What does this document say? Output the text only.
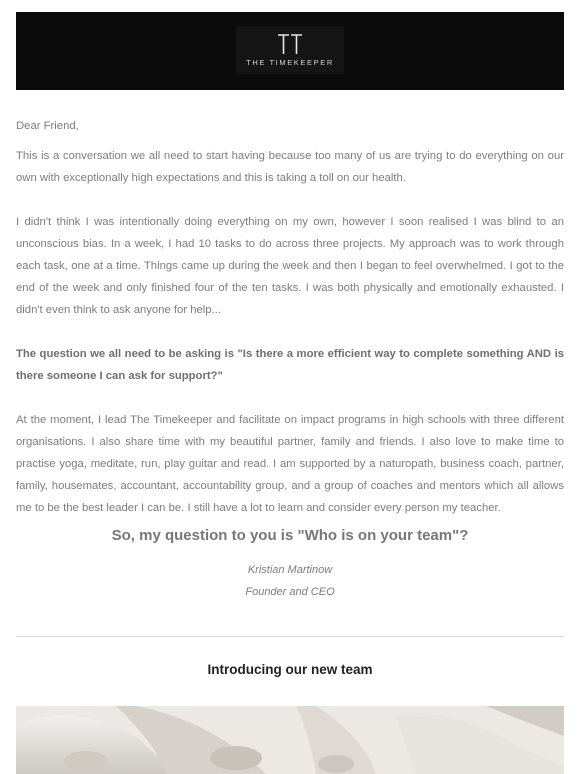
THE TIMEKEEPER

Dear Friend,

This is a conversation we all need to start having because too many of us are trying to do everything on our own with exceptionally high expectations and this is taking a toll on our health.

I didn't think I was intentionally doing everything on my own, however I soon realised I was blind to an unconscious bias. In a week, I had 10 tasks to do across three projects. My approach was to work through each task, one at a time. Things came up during the week and then I began to feel overwhelmed. I got to the end of the week and only finished four of the ten tasks. I was both physically and emotionally exhausted. I didn't even think to ask anyone for help...

The question we all need to be asking is "Is there a more efficient way to complete something AND is there someone I can ask for support?"

At the moment, I lead The Timekeeper and facilitate on impact programs in high schools with three different organisations. I also share time with my beautiful partner, family and friends. I also love to make time to practise yoga, meditate, run, play guitar and read. I am supported by a naturopath, business coach, partner, family, housemates, accountant, accountability group, and a group of coaches and mentors which all allows me to be the best leader I can be. I still have a lot to learn and consider every person my teacher.

So, my question to you is "Who is on your team"?
Kristian Martinow
Founder and CEO
Introducing our new team
